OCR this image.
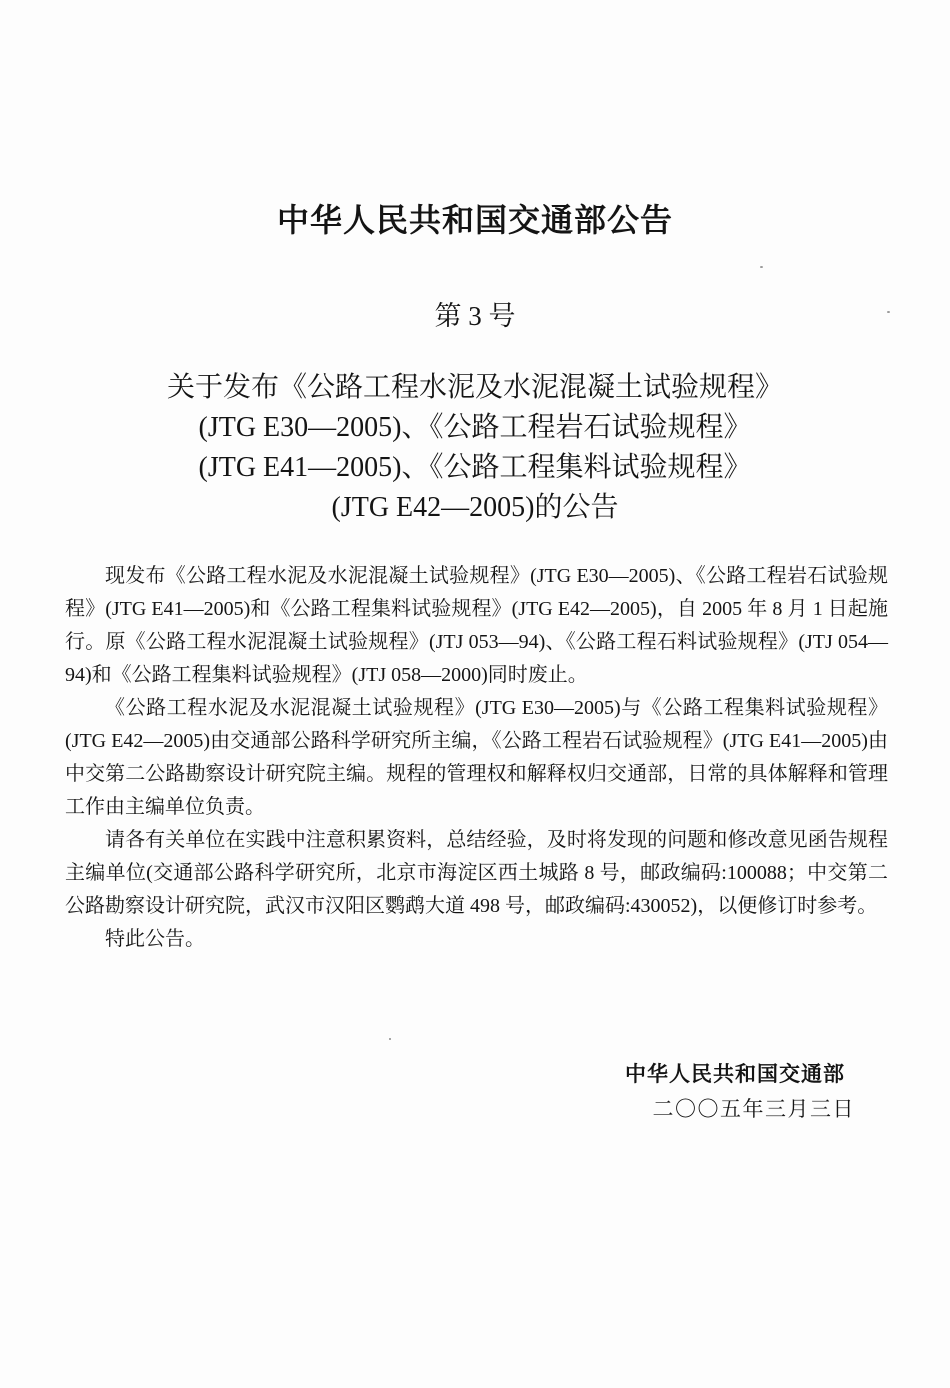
中华人民共和国交通部公告
第 3 号
关于发布《公路工程水泥及水泥混凝土试验规程》
(JTG E30—2005)、《公路工程岩石试验规程》
(JTG E41—2005)、《公路工程集料试验规程》
(JTG E42—2005)的公告

现发布《公路工程水泥及水泥混凝土试验规程》(JTG E30—2005)、《公路工程岩石试验规程》(JTG E41—2005)和《公路工程集料试验规程》(JTG E42—2005)，自 2005 年 8 月 1 日起施行。原《公路工程水泥混凝土试验规程》(JTJ 053—94)、《公路工程石料试验规程》(JTJ 054—94)和《公路工程集料试验规程》(JTJ 058—2000)同时废止。

《公路工程水泥及水泥混凝土试验规程》(JTG E30—2005)与《公路工程集料试验规程》(JTG E42—2005)由交通部公路科学研究所主编，《公路工程岩石试验规程》(JTG E41—2005)由中交第二公路勘察设计研究院主编。规程的管理权和解释权归交通部，日常的具体解释和管理工作由主编单位负责。

请各有关单位在实践中注意积累资料，总结经验，及时将发现的问题和修改意见函告规程主编单位(交通部公路科学研究所，北京市海淀区西土城路 8 号，邮政编码:100088；中交第二公路勘察设计研究院，武汉市汉阳区鹦鹉大道 498 号，邮政编码:430052)，以便修订时参考。

特此公告。

中华人民共和国交通部
二〇〇五年三月三日
